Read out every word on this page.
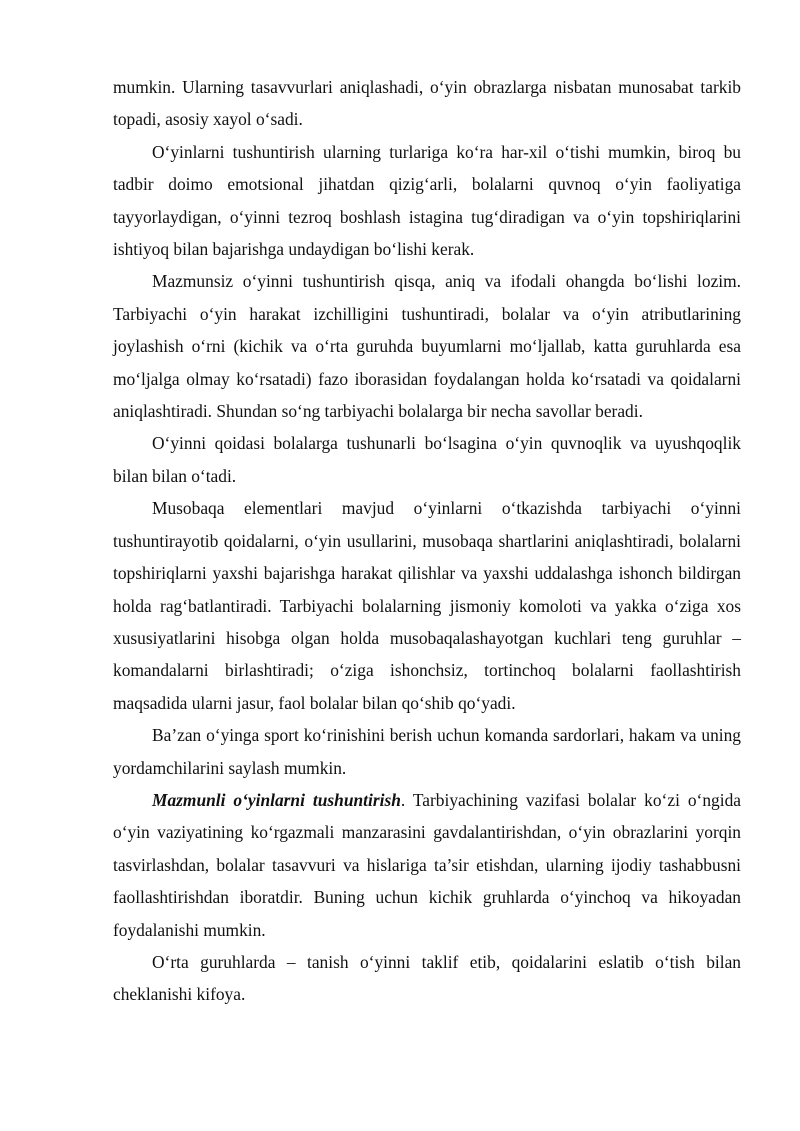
mumkin. Ularning tasavvurlari aniqlashadi, o‘yin obrazlarga nisbatan munosabat tarkib topadi, asosiy xayol o‘sadi.

O‘yinlarni tushuntirish ularning turlariga ko‘ra har-xil o‘tishi mumkin, biroq bu tadbir doimo emotsional jihatdan qizig‘arli, bolalarni quvnoq o‘yin faoliyatiga tayyorlaydigan, o‘yinni tezroq boshlash istagina tug‘diradigan va o‘yin topshiriqlarini ishtiyoq bilan bajarishga undaydigan bo‘lishi kerak.

Mazmunsiz o‘yinni tushuntirish qisqa, aniq va ifodali ohangda bo‘lishi lozim. Tarbiyachi o‘yin harakat izchilligini tushuntiradi, bolalar va o‘yin atributlarining joylashish o‘rni (kichik va o‘rta guruhda buyumlarni mo‘ljallab, katta guruhlarda esa mo‘ljalga olmay ko‘rsatadi) fazo iborasidan foydalangan holda ko‘rsatadi va qoidalarni aniqlashtiradi. Shundan so‘ng tarbiyachi bolalarga bir necha savollar beradi.

O‘yinni qoidasi bolalarga tushunarli bo‘lsagina o‘yin quvnoqlik va uyushqoqlik bilan bilan o‘tadi.

Musobaqa elementlari mavjud o‘yinlarni o‘tkazishda tarbiyachi o‘yinni tushuntirayotib qoidalarni, o‘yin usullarini, musobaqa shartlarini aniqlashtiradi, bolalarni topshiriqlarni yaxshi bajarishga harakat qilishlar va yaxshi uddalashga ishonch bildirgan holda rag‘batlantiradi. Tarbiyachi bolalarning jismoniy komoloti va yakka o‘ziga xos xususiyatlarini hisobga olgan holda musobaqalashayotgan kuchlari teng guruhlar – komandalarni birlashtiradi; o‘ziga ishonchsiz, tortinchoq bolalarni faollashtirish maqsadida ularni jasur, faol bolalar bilan qo‘shib qo‘yadi.

Ba’zan o‘yinga sport ko‘rinishini berish uchun komanda sardorlari, hakam va uning yordamchilarini saylash mumkin.

Mazmunli o‘yinlarni tushuntirish. Tarbiyachining vazifasi bolalar ko‘zi o‘ngida o‘yin vaziyatining ko‘rgazmali manzarasini gavdalantirishdan, o‘yin obrazlarini yorqin tasvirlashdan, bolalar tasavvuri va hislariga ta’sir etishdan, ularning ijodiy tashabbusni faollashtirishdan iboratdir. Buning uchun kichik gruhlarda o‘yinchoq va hikoyadan foydalanishi mumkin.

O‘rta guruhlarda – tanish o‘yinni taklif etib, qoidalarini eslatib o‘tish bilan cheklanishi kifoya.
